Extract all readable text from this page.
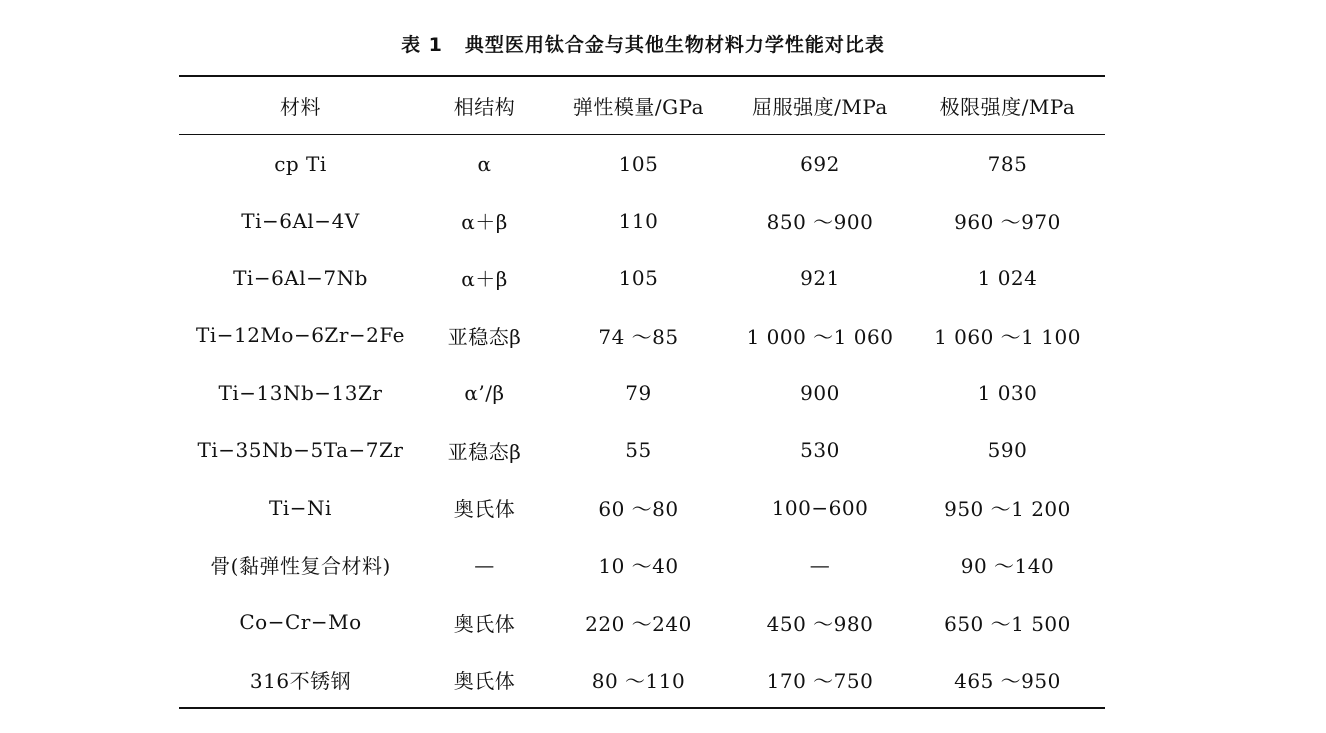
表 1 典型医用钛合金与其他生物材料力学性能对比表
材料	相结构	弹性模量/GPa	屈服强度/MPa	极限强度/MPa
cp Ti	α	105	692	785
Ti−6Al−4V	α＋β	110	850 ～900	960 ～970
Ti−6Al−7Nb	α＋β	105	921	1 024
Ti−12Mo−6Zr−2Fe	亚稳态β	74 ～85	1 000 ～1 060	1 060 ～1 100
Ti−13Nb−13Zr	α’/β	79	900	1 030
Ti−35Nb−5Ta−7Zr	亚稳态β	55	530	590
Ti−Ni	奥氏体	60 ～80	100−600	950 ～1 200
骨(黏弹性复合材料)	—	10 ～40	—	90 ～140
Co−Cr−Mo	奥氏体	220 ～240	450 ～980	650 ～1 500
316不锈钢	奥氏体	80 ～110	170 ～750	465 ～950
